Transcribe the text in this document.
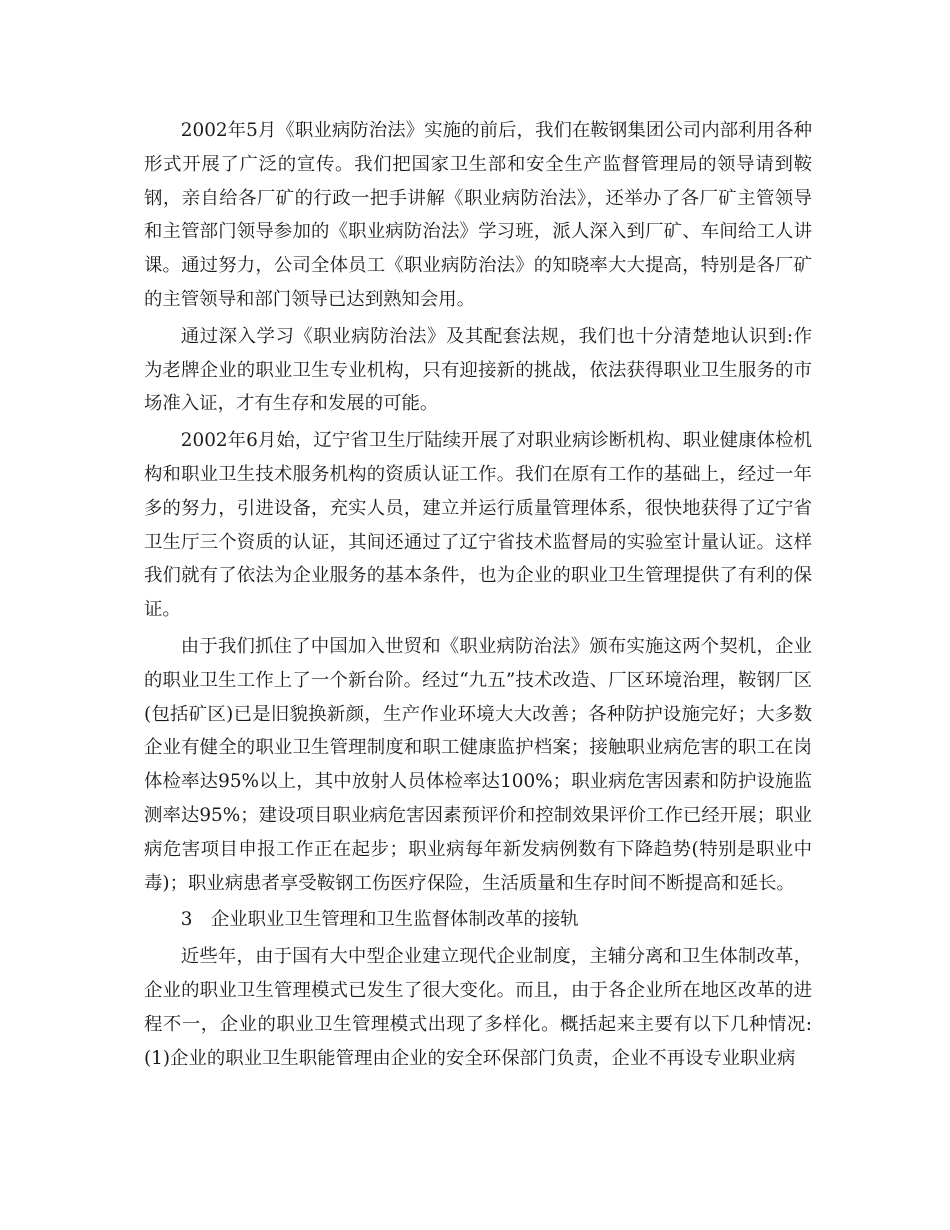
2002年5月《职业病防治法》实施的前后，我们在鞍钢集团公司内部利用各种形式开展了广泛的宣传。我们把国家卫生部和安全生产监督管理局的领导请到鞍钢，亲自给各厂矿的行政一把手讲解《职业病防治法》，还举办了各厂矿主管领导和主管部门领导参加的《职业病防治法》学习班，派人深入到厂矿、车间给工人讲课。通过努力，公司全体员工《职业病防治法》的知晓率大大提高，特别是各厂矿的主管领导和部门领导已达到熟知会用。

通过深入学习《职业病防治法》及其配套法规，我们也十分清楚地认识到:作为老牌企业的职业卫生专业机构，只有迎接新的挑战，依法获得职业卫生服务的市场准入证，才有生存和发展的可能。

2002年6月始，辽宁省卫生厅陆续开展了对职业病诊断机构、职业健康体检机构和职业卫生技术服务机构的资质认证工作。我们在原有工作的基础上，经过一年多的努力，引进设备，充实人员，建立并运行质量管理体系，很快地获得了辽宁省卫生厅三个资质的认证，其间还通过了辽宁省技术监督局的实验室计量认证。这样我们就有了依法为企业服务的基本条件，也为企业的职业卫生管理提供了有利的保证。

由于我们抓住了中国加入世贸和《职业病防治法》颁布实施这两个契机，企业的职业卫生工作上了一个新台阶。经过“九五”技术改造、厂区环境治理，鞍钢厂区(包括矿区)已是旧貌换新颜，生产作业环境大大改善；各种防护设施完好；大多数企业有健全的职业卫生管理制度和职工健康监护档案；接触职业病危害的职工在岗体检率达95%以上，其中放射人员体检率达100%；职业病危害因素和防护设施监测率达95%；建设项目职业病危害因素预评价和控制效果评价工作已经开展；职业病危害项目申报工作正在起步；职业病每年新发病例数有下降趋势(特别是职业中毒)；职业病患者享受鞍钢工伤医疗保险，生活质量和生存时间不断提高和延长。

3　企业职业卫生管理和卫生监督体制改革的接轨

近些年，由于国有大中型企业建立现代企业制度，主辅分离和卫生体制改革，企业的职业卫生管理模式已发生了很大变化。而且，由于各企业所在地区改革的进程不一，企业的职业卫生管理模式出现了多样化。概括起来主要有以下几种情况:(1)企业的职业卫生职能管理由企业的安全环保部门负责，企业不再设专业职业病
